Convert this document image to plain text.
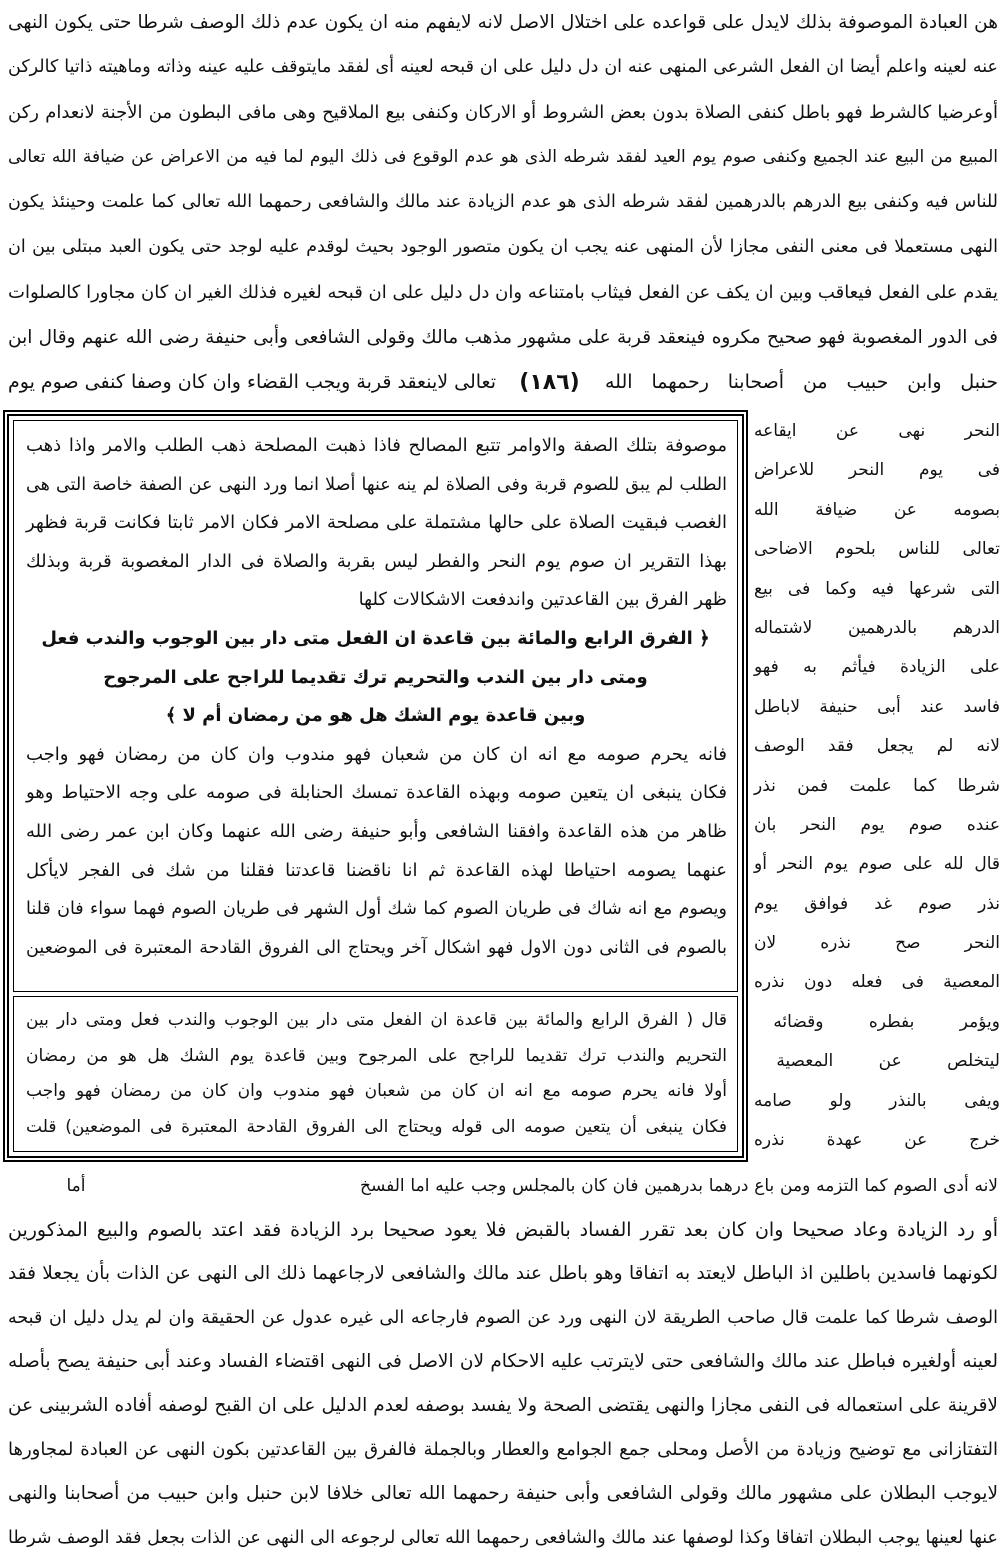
هن العبادة الموصوفة بذلك لايدل على قواعده على اختلال الاصل لانه لايفهم منه ان يكون عدم ذلك الوصف شرطا حتى يكون النهى
عنه لعينه واعلم أيضا ان الفعل الشرعى المنهى عنه ان دل دليل على ان قبحه لعينه أى لفقد مايتوقف عليه عينه وذاته وماهيته ذاتيا كالركن
أوعرضيا كالشرط فهو باطل كنفى الصلاة بدون بعض الشروط أو الاركان وكنفى بيع الملاقيح وهى مافى البطون من الأجنة لانعدام ركن
المبيع من البيع عند الجميع وكنفى صوم يوم العيد لفقد شرطه الذى هو عدم الوقوع فى ذلك اليوم لما فيه من الاعراض عن ضيافة الله تعالى
للناس فيه وكنفى بيع الدرهم بالدرهمين لفقد شرطه الذى هو عدم الزيادة عند مالك والشافعى رحمهما الله تعالى كما علمت وحينئذ يكون
النهى مستعملا فى معنى النفى مجازا لأن المنهى عنه يجب ان يكون متصور الوجود بحيث لوقدم عليه لوجد حتى يكون العبد مبتلى بين ان
يقدم على الفعل فيعاقب وبين ان يكف عن الفعل فيثاب بامتناعه وان دل دليل على ان قبحه لغيره فذلك الغير ان كان مجاورا كالصلوات
فى الدور المغصوبة فهو صحيح مكروه فينعقد قربة على مشهور مذهب مالك وقولى الشافعى وأبى حنيفة رضى الله عنهم وقال ابن
حنبل وابن حبيب من أصحابنا رحمهما الله
(١٨٦)
تعالى لاينعقد قربة ويجب القضاء وان كان وصفا كنفى صوم يوم
النحر نهى عن ايقاعه
فى يوم النحر للاعراض
بصومه عن ضيافة الله
تعالى للناس بلحوم الاضاحى
التى شرعها فيه وكما فى بيع
الدرهم بالدرهمين لاشتماله
على الزيادة فيأثم به فهو
فاسد عند أبى حنيفة لاباطل
لانه لم يجعل فقد الوصف
شرطا كما علمت فمن نذر
عنده صوم يوم النحر بان
قال لله على صوم يوم النحر أو
نذر صوم غد فوافق يوم
النحر صح نذره لان
المعصية فى فعله دون نذره
ويؤمر بفطره وقضائه
ليتخلص عن المعصية
ويفى بالنذر ولو صامه
خرج عن عهدة نذره
موصوفة بتلك الصفة والاوامر تتبع المصالح فاذا ذهبت المصلحة ذهب الطلب والامر واذا ذهب
الطلب لم يبق للصوم قربة وفى الصلاة لم ينه عنها أصلا انما ورد النهى عن الصفة خاصة التى هى
الغصب فبقيت الصلاة على حالها مشتملة على مصلحة الامر فكان الامر ثابتا فكانت قربة فظهر
بهذا التقرير ان صوم يوم النحر والفطر ليس بقربة والصلاة فى الدار المغصوبة قربة وبذلك
ظهر الفرق بين القاعدتين واندفعت الاشكالات كلها
﴿ الفرق الرابع والمائة بين قاعدة ان الفعل متى دار بين الوجوب والندب فعل
ومتى دار بين الندب والتحريم ترك تقديما للراجح على المرجوح
وبين قاعدة يوم الشك هل هو من رمضان أم لا ﴾
فانه يحرم صومه مع انه ان كان من شعبان فهو مندوب وان كان من رمضان فهو واجب
فكان ينبغى ان يتعين صومه وبهذه القاعدة تمسك الحنابلة فى صومه على وجه الاحتياط وهو
ظاهر من هذه القاعدة وافقنا الشافعى وأبو حنيفة رضى الله عنهما وكان ابن عمر رضى الله
عنهما يصومه احتياطا لهذه القاعدة ثم انا ناقضنا قاعدتنا فقلنا من شك فى الفجر لايأكل
ويصوم مع انه شاك فى طريان الصوم كما شك أول الشهر فى طريان الصوم فهما سواء فان قلنا
بالصوم فى الثانى دون الاول فهو اشكال آخر ويحتاج الى الفروق القادحة المعتبرة فى الموضعين
قال ( الفرق الرابع والمائة بين قاعدة ان الفعل متى دار بين الوجوب والندب فعل ومتى دار بين
التحريم والندب ترك تقديما للراجح على المرجوح وبين قاعدة يوم الشك هل هو من رمضان
أولا فانه يحرم صومه مع انه ان كان من شعبان فهو مندوب وان كان من رمضان فهو واجب
فكان ينبغى أن يتعين صومه الى قوله ويحتاج الى الفروق القادحة المعتبرة فى الموضعين) قلت
لانه أدى الصوم كما التزمه ومن باع درهما بدرهمين فان كان بالمجلس وجب عليه اما الفسخ
أما
أو رد الزيادة وعاد صحيحا وان كان بعد تقرر الفساد بالقبض فلا يعود صحيحا برد الزيادة فقد اعتد بالصوم والبيع المذكورين
لكونهما فاسدين باطلين اذ الباطل لايعتد به اتفاقا وهو باطل عند مالك والشافعى لارجاعهما ذلك الى النهى عن الذات بأن يجعلا فقد
الوصف شرطا كما علمت قال صاحب الطريقة لان النهى ورد عن الصوم فارجاعه الى غيره عدول عن الحقيقة وان لم يدل دليل ان قبحه
لعينه أولغيره فباطل عند مالك والشافعى حتى لايترتب عليه الاحكام لان الاصل فى النهى اقتضاء الفساد وعند أبى حنيفة يصح بأصله
لاقرينة على استعماله فى النفى مجازا والنهى يقتضى الصحة ولا يفسد بوصفه لعدم الدليل على ان القبح لوصفه أفاده الشربينى عن
التفتازانى مع توضيح وزيادة من الأصل ومحلى جمع الجوامع والعطار وبالجملة فالفرق بين القاعدتين بكون النهى عن العبادة لمجاورها
لايوجب البطلان على مشهور مالك وقولى الشافعى وأبى حنيفة رحمهما الله تعالى خلافا لابن حنبل وابن حبيب من أصحابنا والنهى
عنها لعينها يوجب البطلان اتفاقا وكذا لوصفها عند مالك والشافعى رحمهما الله تعالى لرجوعه الى النهى عن الذات بجعل فقد الوصف شرطا
